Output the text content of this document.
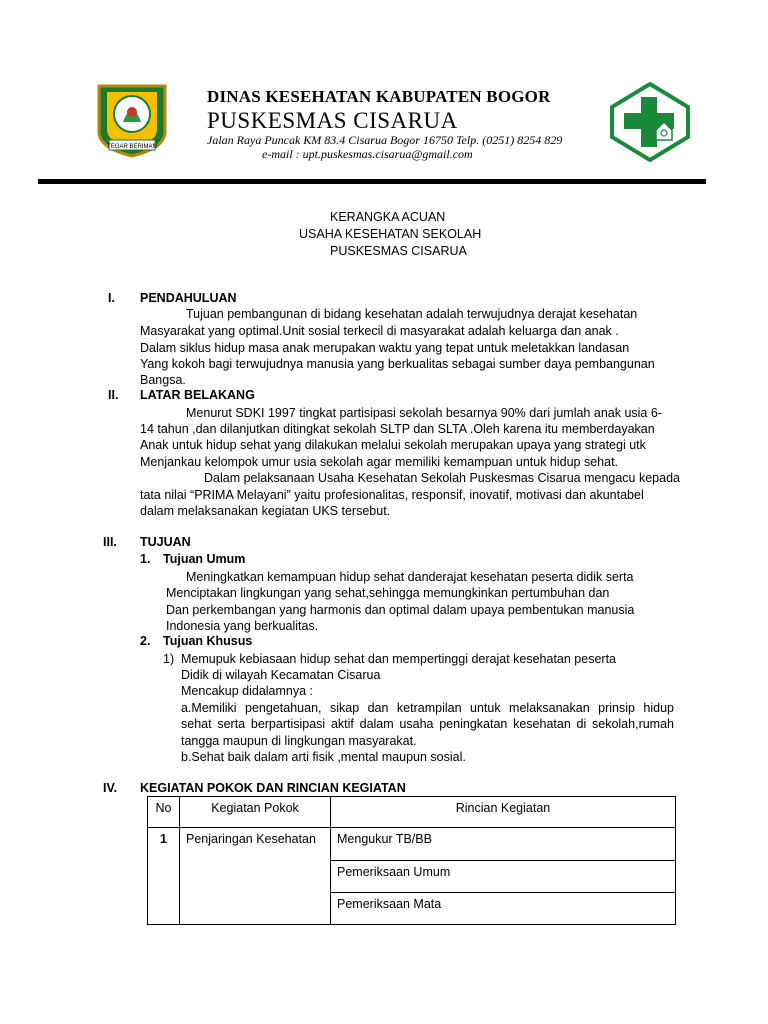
TEGAR BERIMAN
DINAS KESEHATAN KABUPATEN BOGOR
PUSKESMAS CISARUA
Jalan Raya Puncak KM 83.4 Cisarua Bogor 16750 Telp. (0251) 8254 829
e-mail : upt.puskesmas.cisarua@gmail.com
KERANGKA ACUAN
USAHA KESEHATAN SEKOLAH
PUSKESMAS CISARUA
I. PENDAHULUAN
Tujuan pembangunan di bidang kesehatan adalah terwujudnya derajat kesehatan
Masyarakat yang optimal.Unit sosial terkecil di masyarakat adalah keluarga dan anak .
Dalam siklus hidup masa anak merupakan waktu yang tepat untuk meletakkan landasan
Yang kokoh bagi terwujudnya manusia yang berkualitas sebagai sumber daya pembangunan
Bangsa.
II. LATAR BELAKANG
Menurut SDKI 1997 tingkat partisipasi sekolah besarnya 90% dari jumlah anak usia 6-
14 tahun ,dan dilanjutkan ditingkat sekolah SLTP dan SLTA .Oleh karena itu memberdayakan
Anak untuk hidup sehat yang dilakukan melalui sekolah merupakan upaya yang strategi utk
Menjankau kelompok umur usia sekolah agar memiliki kemampuan untuk hidup sehat.
Dalam pelaksanaan Usaha Kesehatan Sekolah Puskesmas Cisarua mengacu kepada
tata nilai “PRIMA Melayani” yaitu profesionalitas, responsif, inovatif, motivasi dan akuntabel
dalam melaksanakan kegiatan UKS tersebut.
III. TUJUAN
1. Tujuan Umum
Meningkatkan kemampuan hidup sehat danderajat kesehatan peserta didik serta
Menciptakan lingkungan yang sehat,sehingga memungkinkan pertumbuhan dan
Dan perkembangan yang harmonis dan optimal dalam upaya pembentukan manusia
Indonesia yang berkualitas.
2. Tujuan Khusus
1) Memupuk kebiasaan hidup sehat dan mempertinggi derajat kesehatan peserta
Didik di wilayah Kecamatan Cisarua
Mencakup didalamnya :
a.Memiliki pengetahuan, sikap dan ketrampilan untuk melaksanakan prinsip hidup
sehat serta berpartisipasi aktif dalam usaha peningkatan kesehatan di sekolah,rumah
tangga maupun di lingkungan masyarakat.
b.Sehat baik dalam arti fisik ,mental maupun sosial.
IV. KEGIATAN POKOK DAN RINCIAN KEGIATAN
No	Kegiatan Pokok	Rincian Kegiatan

1	Penjaringan Kesehatan	Mengukur TB/BB

		Pemeriksaan Umum

		Pemeriksaan Mata
